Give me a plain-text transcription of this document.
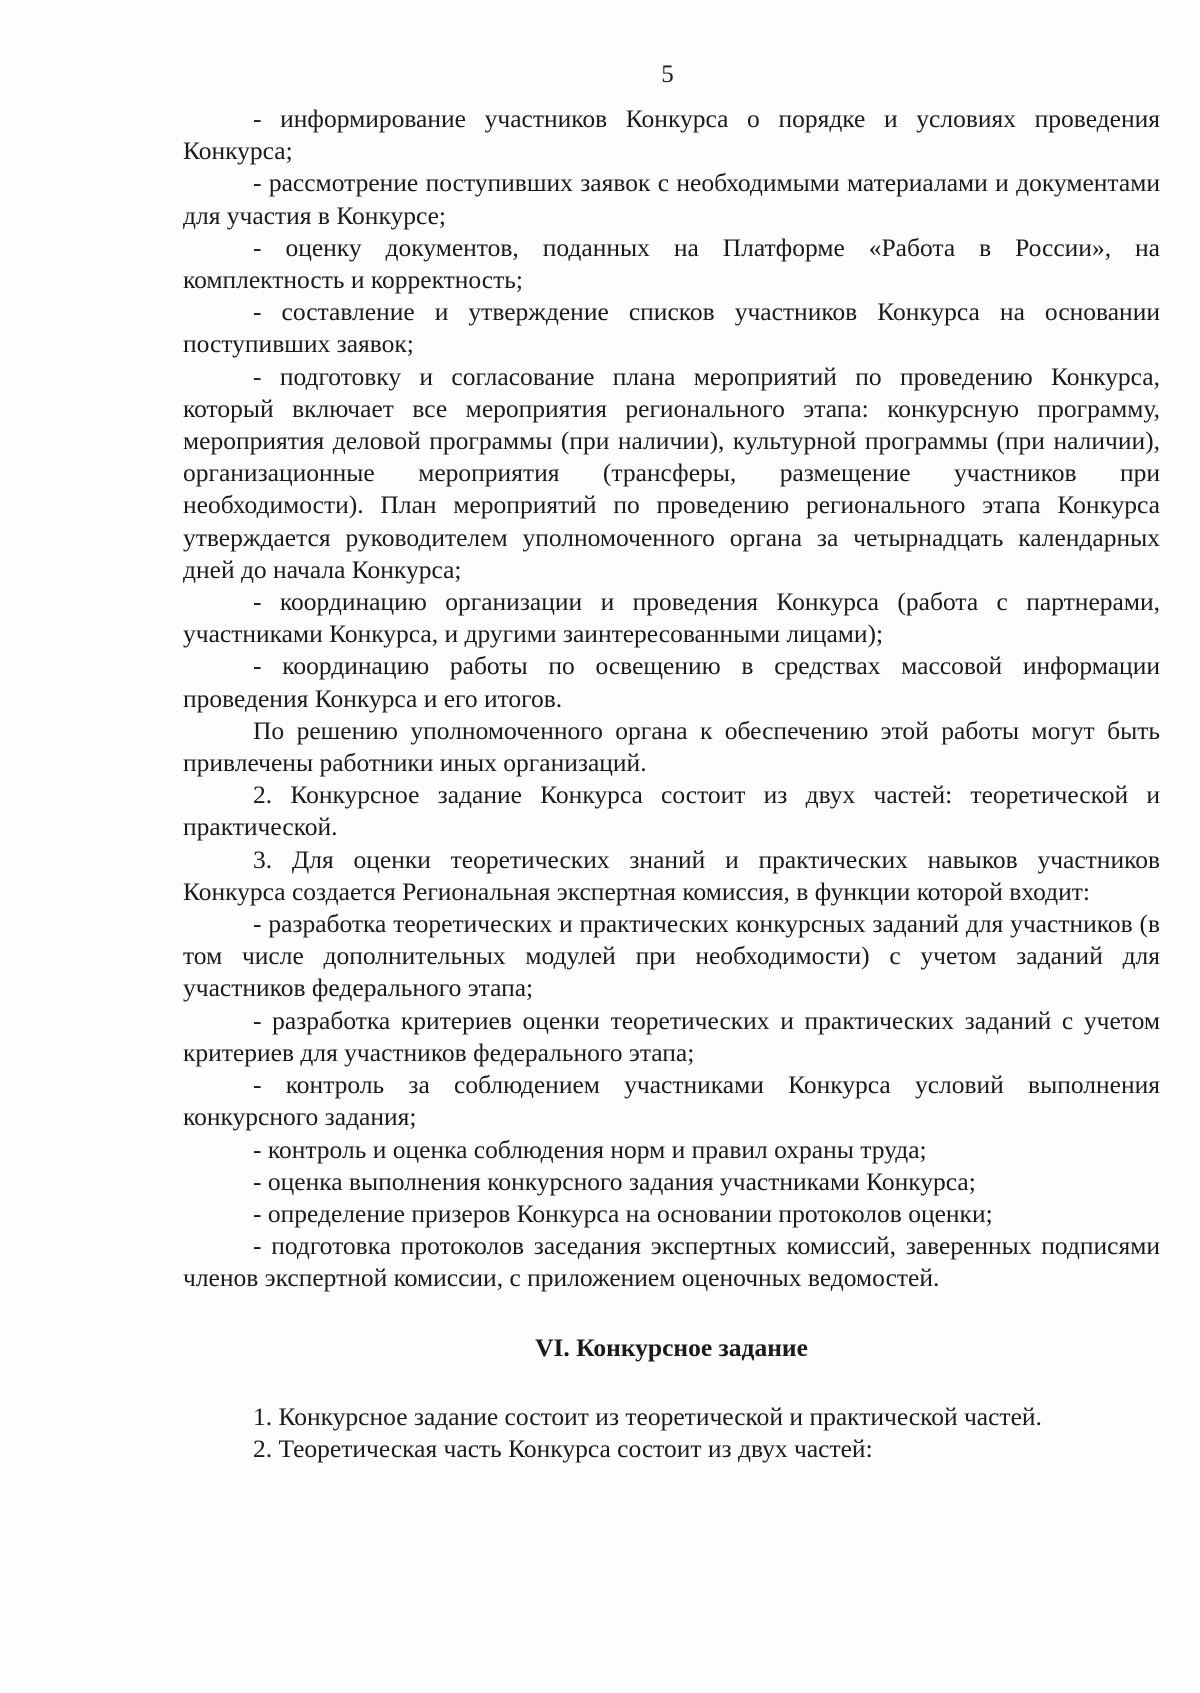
5

- информирование участников Конкурса о порядке и условиях проведения Конкурса;

- рассмотрение поступивших заявок с необходимыми материалами и документами для участия в Конкурсе;

- оценку документов, поданных на Платформе «Работа в России», на комплектность и корректность;

- составление и утверждение списков участников Конкурса на основании поступивших заявок;

- подготовку и согласование плана мероприятий по проведению Конкурса, который включает все мероприятия регионального этапа: конкурсную программу, мероприятия деловой программы (при наличии), культурной программы (при наличии), организационные мероприятия (трансферы, размещение участников при необходимости). План мероприятий по проведению регионального этапа Конкурса утверждается руководителем уполномоченного органа за четырнадцать календарных дней до начала Конкурса;

- координацию организации и проведения Конкурса (работа с партнерами, участниками Конкурса, и другими заинтересованными лицами);

- координацию работы по освещению в средствах массовой информации проведения Конкурса и его итогов.

По решению уполномоченного органа к обеспечению этой работы могут быть привлечены работники иных организаций.

2. Конкурсное задание Конкурса состоит из двух частей: теоретической и практической.

3. Для оценки теоретических знаний и практических навыков участников Конкурса создается Региональная экспертная комиссия, в функции которой входит:

- разработка теоретических и практических конкурсных заданий для участников (в том числе дополнительных модулей при необходимости) с учетом заданий для участников федерального этапа;

- разработка критериев оценки теоретических и практических заданий с учетом критериев для участников федерального этапа;

- контроль за соблюдением участниками Конкурса условий выполнения конкурсного задания;

- контроль и оценка соблюдения норм и правил охраны труда;

- оценка выполнения конкурсного задания участниками Конкурса;

- определение призеров Конкурса на основании протоколов оценки;

- подготовка протоколов заседания экспертных комиссий, заверенных подписями членов экспертной комиссии, с приложением оценочных ведомостей.

VI. Конкурсное задание

1. Конкурсное задание состоит из теоретической и практической частей.

2. Теоретическая часть Конкурса состоит из двух частей:
